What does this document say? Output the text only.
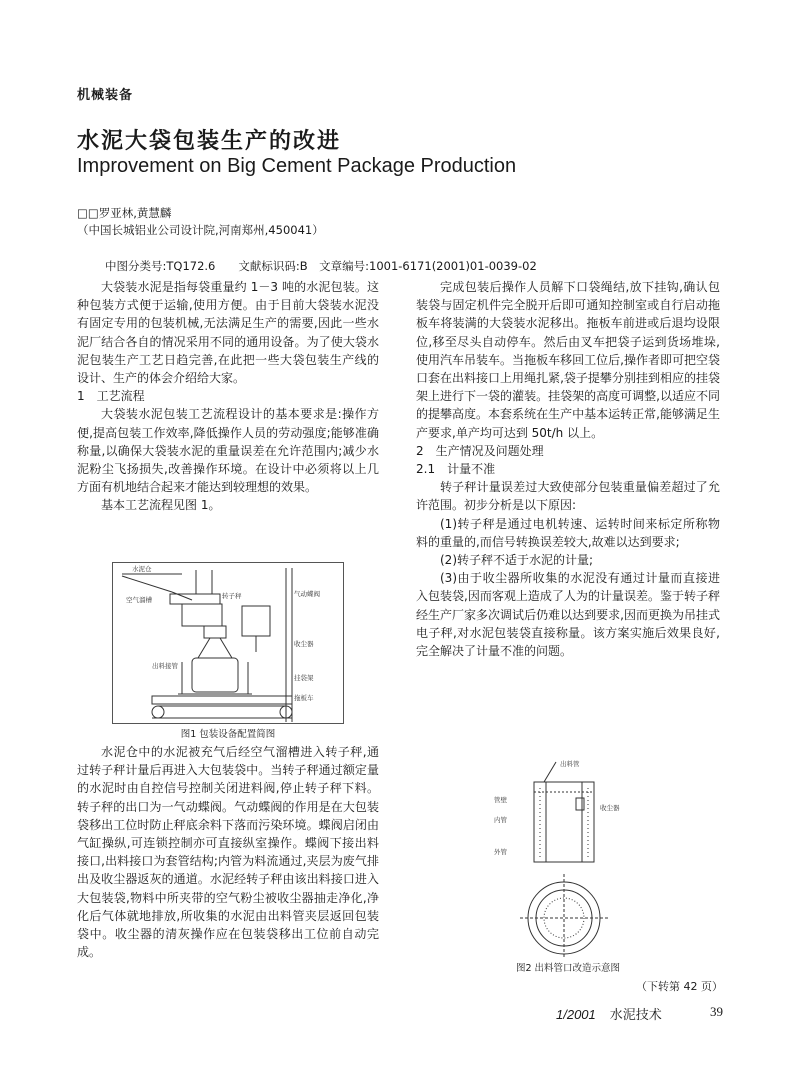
机械装备
水泥大袋包装生产的改进
Improvement on Big Cement Package Production
□□罗亚林,黄慧麟
（中国长城铝业公司设计院,河南郑州,450041）
中图分类号:TQ172.6　　文献标识码:B　文章编号:1001-6171(2001)01-0039-02

大袋装水泥是指每袋重量约 1－3 吨的水泥包装。这种包装方式便于运输,使用方便。由于目前大袋装水泥没有固定专用的包装机械,无法满足生产的需要,因此一些水泥厂结合各自的情况采用不同的通用设备。为了使大袋水泥包装生产工艺日趋完善,在此把一些大袋包装生产线的设计、生产的体会介绍给大家。

1　工艺流程

大袋装水泥包装工艺流程设计的基本要求是:操作方便,提高包装工作效率,降低操作人员的劳动强度;能够准确称量,以确保大袋装水泥的重量误差在允许范围内;减少水泥粉尘飞扬损失,改善操作环境。在设计中必须将以上几方面有机地结合起来才能达到较理想的效果。

基本工艺流程见图 1。

水泥仓
空气溜槽	转子秤	气动蝶阀
收尘器
出料接管
挂袋架
拖板车
图1 包装设备配置简图

水泥仓中的水泥被充气后经空气溜槽进入转子秤,通过转子秤计量后再进入大包装袋中。当转子秤通过额定量的水泥时由自控信号控制关闭进料阀,停止转子秤下料。转子秤的出口为一气动蝶阀。气动蝶阀的作用是在大包装袋移出工位时防止秤底余料下落而污染环境。蝶阀启闭由气缸操纵,可连锁控制亦可直接纵室操作。蝶阀下接出料接口,出料接口为套管结构;内管为料流通过,夹层为废气排出及收尘器返灰的通道。水泥经转子秤由该出料接口进入大包装袋,物料中所夹带的空气粉尘被收尘器抽走净化,净化后气体就地排放,所收集的水泥由出料管夹层返回包装袋中。收尘器的清灰操作应在包装袋移出工位前自动完成。

完成包装后操作人员解下口袋绳结,放下挂钩,确认包装袋与固定机件完全脱开后即可通知控制室或自行启动拖板车将装满的大袋装水泥移出。拖板车前进或后退均设限位,移至尽头自动停车。然后由叉车把袋子运到货场堆垛,使用汽车吊装车。当拖板车移回工位后,操作者即可把空袋口套在出料接口上用绳扎紧,袋子提攀分别挂到相应的挂袋架上进行下一袋的灌装。挂袋架的高度可调整,以适应不同的提攀高度。本套系统在生产中基本运转正常,能够满足生产要求,单产均可达到 50t/h 以上。

2　生产情况及问题处理

2.1　计量不准

转子秤计量误差过大致使部分包装重量偏差超过了允许范围。初步分析是以下原因:

(1)转子秤是通过电机转速、运转时间来标定所称物料的重量的,而信号转换误差较大,故难以达到要求;

(2)转子秤不适于水泥的计量;

(3)由于收尘器所收集的水泥没有通过计量而直接进入包装袋,因而客观上造成了人为的计量误差。鉴于转子秤经生产厂家多次调试后仍难以达到要求,因而更换为吊挂式电子秤,对水泥包装袋直接称量。该方案实施后效果良好,完全解决了计量不准的问题。

出料管
管壁
内管
外管
收尘器
图2 出料管口改造示意图
（下转第 42 页）
1/2001 水泥技术	39
